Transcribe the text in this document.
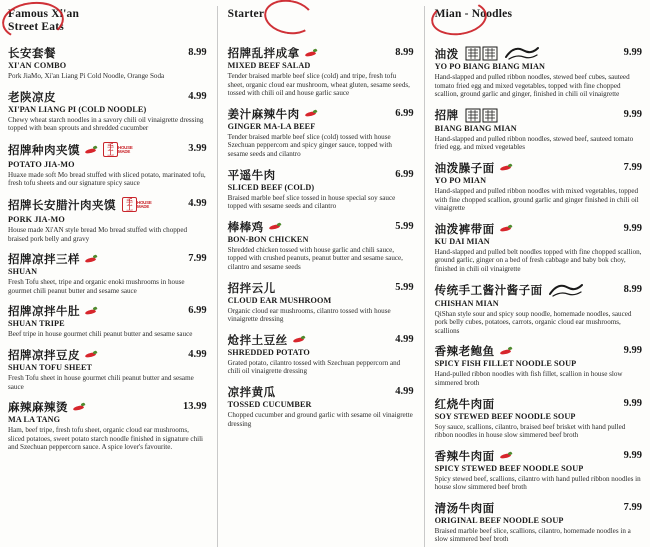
Famous Xi'an
Street Eats
长安套餐	8.99
XI'AN COMBO
Pork JiaMo, Xi'an Liang Pi Cold Noodle, Orange Soda
老陕凉皮	4.99
XI'PAN LIANG PI (COLD NOODLE)
Chewy wheat starch noodles in a savory chili oil vinaigrette dressing topped with bean sprouts and shredded cucumber
招牌种肉夹馍	手工
HOUSE MADE	3.99
POTATO JIA-MO
Huaxe made soft Mo bread stuffed with sliced potato, marinated tofu, fresh tofu sheets and our signature spicy sauce
招牌长安腊汁肉夹馍	手工
HOUSE MADE	4.99
PORK JIA-MO
House made Xi'AN style bread Mo bread stuffed with chopped braised pork belly and gravy
招牌凉拌三样	7.99
SHUAN
Fresh Tofu sheet, tripe and organic enoki mushrooms in house gourmet chili peanut butter and sesame sauce
招牌凉拌牛肚	6.99
SHUAN TRIPE
Beef tripe in house gourmet chili peanut butter and sesame sauce
招牌凉拌豆皮	4.99
SHUAN TOFU SHEET
Fresh Tofu sheet in house gourmet chili peanut butter and sesame sauce
麻辣麻辣烫	13.99
MA LA TANG
Ham, beef tripe, fresh tofu sheet, organic cloud ear mushrooms, sliced potatoes, sweet potato starch noodle finished in signature chili and Szechuan peppercorn sauce. A spice lover's favourite.
Starter
招牌乱拌成拿	8.99
MIXED BEEF SALAD
Tender braised marble beef slice (cold) and tripe, fresh tofu sheet, organic cloud ear mushroom, wheat gluten, sesame seeds, tossed with chili oil and house garlic sauce
姜汁麻辣牛肉	6.99
GINGER MA-LA BEEF
Tender braised marble beef slice (cold) tossed with house Szechuan peppercorn and spicy ginger sauce, topped with sesame seeds and cilantro
平遥牛肉	6.99
SLICED BEEF (COLD)
Braised marble beef slice tossed in house special soy sauce topped with sesame seeds and cilantro
棒棒鸡	5.99
BON-BON CHICKEN
Shredded chicken tossed with house garlic and chili sauce, topped with crushed peanuts, peanut butter and sesame sauce, cilantro and sesame seeds
招拌云儿	5.99
CLOUD EAR MUSHROOM
Organic cloud ear mushrooms, cilantro tossed with house vinaigrette dressing
炝拌土豆丝	4.99
SHREDDED POTATO
Grated potato, cilantro tossed with Szechuan peppercorn and chili oil vinaigrette dressing
凉拌黄瓜	4.99
TOSSED CUCUMBER
Chopped cucumber and ground garlic with sesame oil vinaigrette dressing
Mian - Noodles
油泼	9.99
YO PO BIANG BIANG MIAN
Hand-slapped and pulled ribbon noodles, stewed beef cubes, sauteed tomato fried egg and mixed vegetables, topped with fine chopped scallion, ground garlic and ginger, finished in chili oil vinaigrette
招牌	9.99
BIANG BIANG MIAN
Hand-slapped and pulled ribbon noodles, stewed beef, sauteed tomato fried egg, and mixed vegetables
油泼臊子面	7.99
YO PO MIAN
Hand-slapped and pulled ribbon noodles with mixed vegetables, topped with fine chopped scallion, ground garlic and ginger finished in chili oil vinaigrette
油泼裤带面	9.99
KU DAI MIAN
Hand-slapped and pulled belt noodles topped with fine chopped scallion, ground garlic, ginger on a bed of fresh cabbage and baby bok choy, finished in chili oil vinaigrette
传统手工酱汁酱子面	8.99
CHISHAN MIAN
QiShan style sour and spicy soup noodle, homemade noodles, sauced pork belly cubes, potatoes, carrots, organic cloud ear mushrooms, scallions
香辣老鲍鱼	9.99
SPICY FISH FILLET NOODLE SOUP
Hand-pulled ribbon noodles with fish fillet, scallion in house slow simmered broth
红烧牛肉面	9.99
SOY STEWED BEEF NOODLE SOUP
Soy sauce, scallions, cilantro, braised beef brisket with hand pulled ribbon noodles in house slow simmered beef broth
香辣牛肉面	9.99
SPICY STEWED BEEF NOODLE SOUP
Spicy stewed beef, scallions, cilantro with hand pulled ribbon noodles in house slow simmered beef broth
清汤牛肉面	7.99
ORIGINAL BEEF NOODLE SOUP
Braised marble beef slice, scallions, cilantro, homemade noodles in a slow simmered beef broth
